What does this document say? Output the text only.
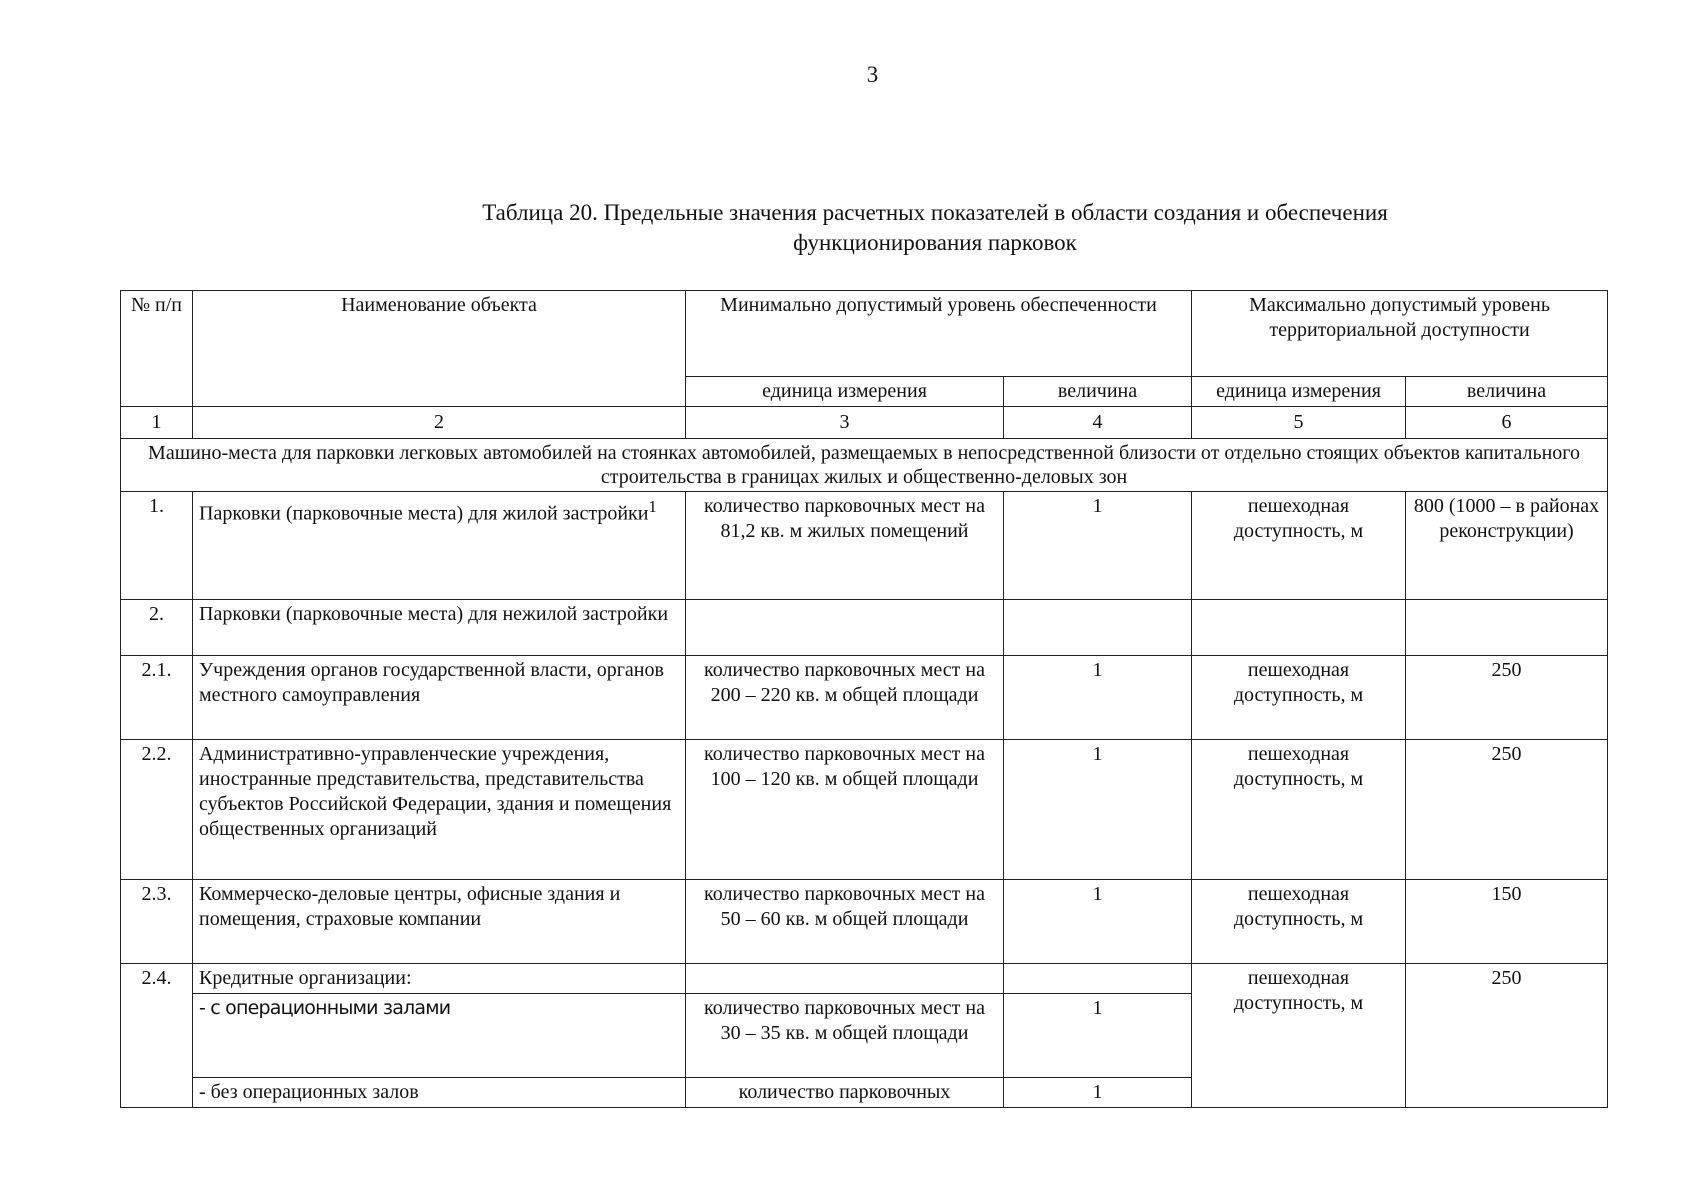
3
Таблица 20. Предельные значения расчетных показателей в области создания и обеспечения
функционирования парковок
№ п/п	Наименование объекта	Минимально допустимый уровень обеспеченности		Максимально допустимый уровень территориальной доступности	
		единица измерения	величина	единица измерения	величина
1	2	3	4	5	6
Машино-места для парковки легковых автомобилей на стоянках автомобилей, размещаемых в непосредственной близости от отдельно стоящих объектов капитального строительства в границах жилых и общественно-деловых зон					
1.	Парковки (парковочные места) для жилой застройки$^1$	количество парковочных мест на 81,2 кв. м жилых помещений	1	пешеходная доступность, м	800 (1000 – в районах реконструкции)
2.	Парковки (парковочные места) для нежилой застройки				
2.1.	Учреждения органов государственной власти, органов местного самоуправления	количество парковочных мест на 200 – 220 кв. м общей площади	1	пешеходная доступность, м	250
2.2.	Административно-управленческие учреждения, иностранные представительства, представительства субъектов Российской Федерации, здания и помещения общественных организаций	количество парковочных мест на 100 – 120 кв. м общей площади	1	пешеходная доступность, м	250
2.3.	Коммерческо-деловые центры, офисные здания и помещения, страховые компании	количество парковочных мест на 50 – 60 кв. м общей площади	1	пешеходная доступность, м	150
2.4.	Кредитные организации:			пешеходная доступность, м	250
	- с операционными залами	количество парковочных мест на 30 – 35 кв. м общей площади	1		
	- без операционных залов	количество парковочных	1		
